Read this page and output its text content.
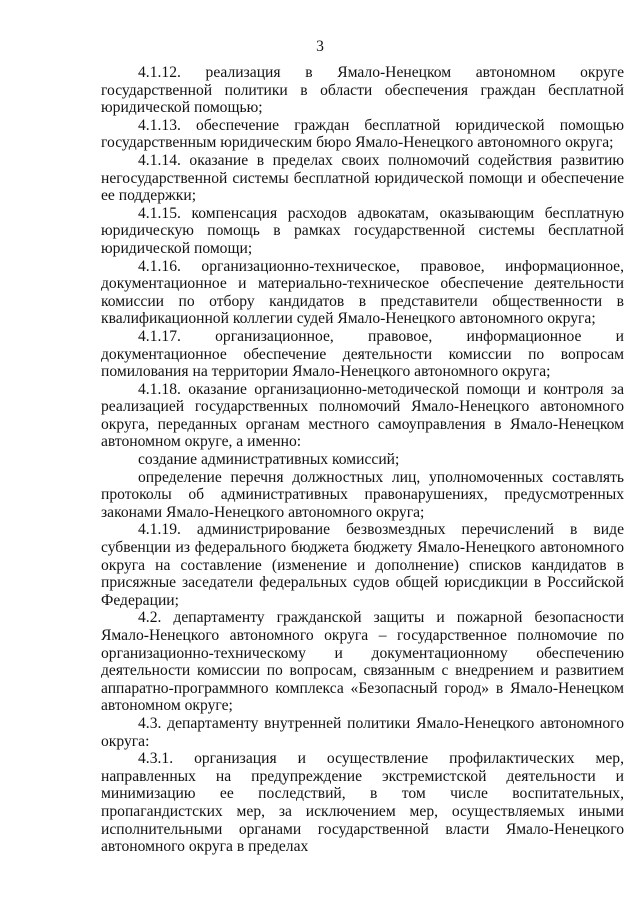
3

4.1.12. реализация в Ямало-Ненецком автономном округе государственной политики в области обеспечения граждан бесплатной юридической помощью;

4.1.13. обеспечение граждан бесплатной юридической помощью государственным юридическим бюро Ямало-Ненецкого автономного округа;

4.1.14. оказание в пределах своих полномочий содействия развитию негосударственной системы бесплатной юридической помощи и обеспечение ее поддержки;

4.1.15. компенсация расходов адвокатам, оказывающим бесплатную юридическую помощь в рамках государственной системы бесплатной юридической помощи;

4.1.16. организационно-техническое, правовое, информационное, документационное и материально-техническое обеспечение деятельности комиссии по отбору кандидатов в представители общественности в квалификационной коллегии судей Ямало-Ненецкого автономного округа;

4.1.17. организационное, правовое, информационное и документационное обеспечение деятельности комиссии по вопросам помилования на территории Ямало-Ненецкого автономного округа;

4.1.18. оказание организационно-методической помощи и контроля за реализацией государственных полномочий Ямало-Ненецкого автономного округа, переданных органам местного самоуправления в Ямало-Ненецком автономном округе, а именно:

создание административных комиссий;

определение перечня должностных лиц, уполномоченных составлять протоколы об административных правонарушениях, предусмотренных законами Ямало-Ненецкого автономного округа;

4.1.19. администрирование безвозмездных перечислений в виде субвенции из федерального бюджета бюджету Ямало-Ненецкого автономного округа на составление (изменение и дополнение) списков кандидатов в присяжные заседатели федеральных судов общей юрисдикции в Российской Федерации;

4.2. департаменту гражданской защиты и пожарной безопасности Ямало-Ненецкого автономного округа – государственное полномочие по организационно-техническому и документационному обеспечению деятельности комиссии по вопросам, связанным с внедрением и развитием аппаратно-программного комплекса «Безопасный город» в Ямало-Ненецком автономном округе;

4.3. департаменту внутренней политики Ямало-Ненецкого автономного округа:

4.3.1. организация и осуществление профилактических мер, направленных на предупреждение экстремистской деятельности и минимизацию ее последствий, в том числе воспитательных, пропагандистских мер, за исключением мер, осуществляемых иными исполнительными органами государственной власти Ямало-Ненецкого автономного округа в пределах
